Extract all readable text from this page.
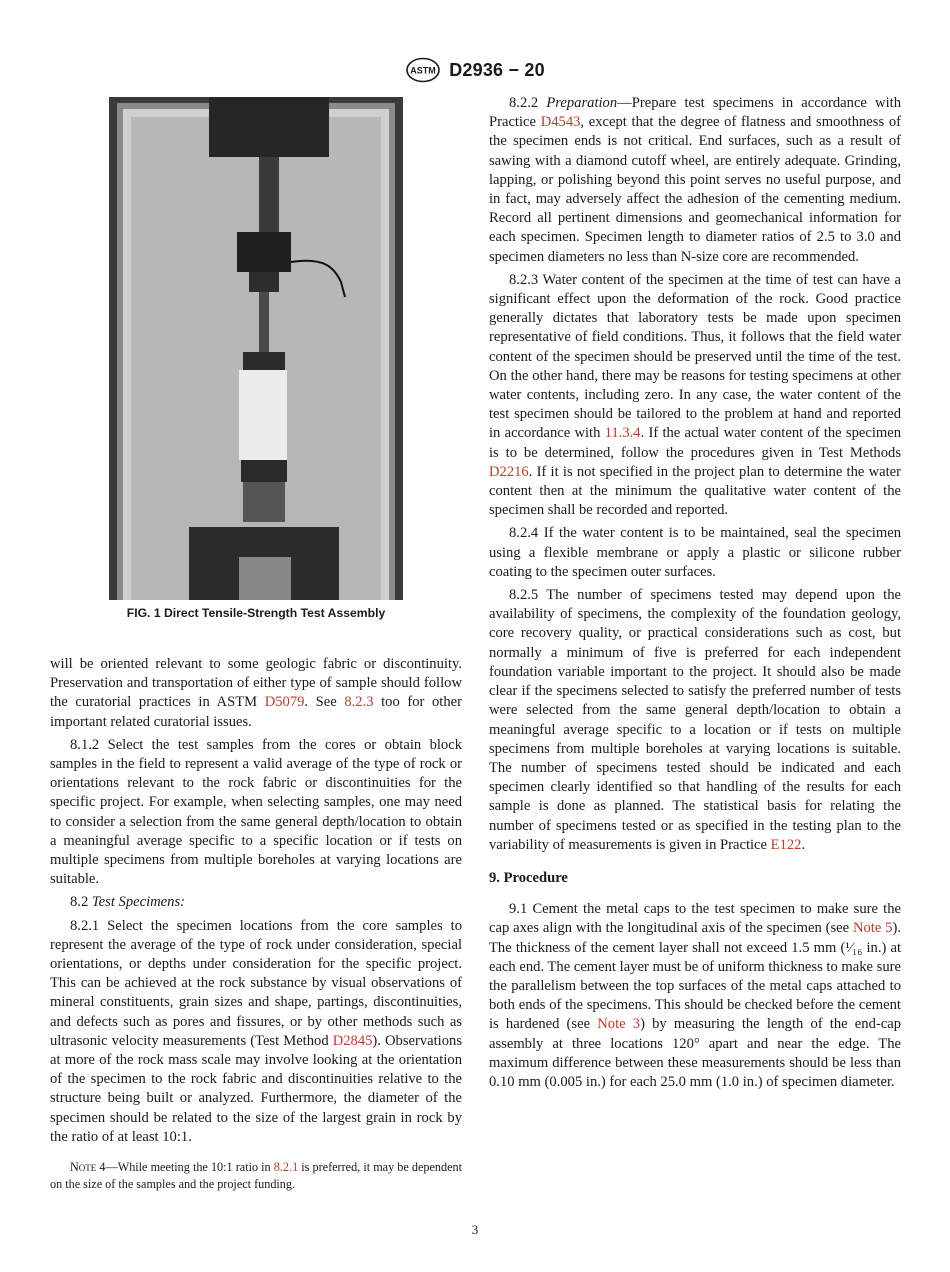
ASTM D2936 − 20
FIG. 1 Direct Tensile-Strength Test Assembly

will be oriented relevant to some geologic fabric or discontinuity. Preservation and transportation of either type of sample should follow the curatorial practices in ASTM D5079. See 8.2.3 too for other important related curatorial issues.

8.1.2 Select the test samples from the cores or obtain block samples in the field to represent a valid average of the type of rock or orientations relevant to the rock fabric or discontinuities for the specific project. For example, when selecting samples, one may need to consider a selection from the same general depth/location to obtain a meaningful average specific to a specific location or if tests on multiple specimens from multiple boreholes at varying locations are suitable.

8.2 Test Specimens:

8.2.1 Select the specimen locations from the core samples to represent the average of the type of rock under consideration, special orientations, or depths under consideration for the specific project. This can be achieved at the rock substance by visual observations of mineral constituents, grain sizes and shape, partings, discontinuities, and defects such as pores and fissures, or by other methods such as ultrasonic velocity measurements (Test Method D2845). Observations at more of the rock mass scale may involve looking at the orientation of the specimen to the rock fabric and discontinuities relative to the structure being built or analyzed. Furthermore, the diameter of the specimen should be related to the size of the largest grain in rock by the ratio of at least 10:1.

Note 4—While meeting the 10:1 ratio in 8.2.1 is preferred, it may be dependent on the size of the samples and the project funding.

8.2.2 Preparation—Prepare test specimens in accordance with Practice D4543, except that the degree of flatness and smoothness of the specimen ends is not critical. End surfaces, such as a result of sawing with a diamond cutoff wheel, are entirely adequate. Grinding, lapping, or polishing beyond this point serves no useful purpose, and in fact, may adversely affect the adhesion of the cementing medium. Record all pertinent dimensions and geomechanical information for each specimen. Specimen length to diameter ratios of 2.5 to 3.0 and specimen diameters no less than N-size core are recommended.

8.2.3 Water content of the specimen at the time of test can have a significant effect upon the deformation of the rock. Good practice generally dictates that laboratory tests be made upon specimen representative of field conditions. Thus, it follows that the field water content of the specimen should be preserved until the time of the test. On the other hand, there may be reasons for testing specimens at other water contents, including zero. In any case, the water content of the test specimen should be tailored to the problem at hand and reported in accordance with 11.3.4. If the actual water content of the specimen is to be determined, follow the procedures given in Test Methods D2216. If it is not specified in the project plan to determine the water content then at the minimum the qualitative water content of the specimen shall be recorded and reported.

8.2.4 If the water content is to be maintained, seal the specimen using a flexible membrane or apply a plastic or silicone rubber coating to the specimen outer surfaces.

8.2.5 The number of specimens tested may depend upon the availability of specimens, the complexity of the foundation geology, core recovery quality, or practical considerations such as cost, but normally a minimum of five is preferred for each independent foundation variable important to the project. It should also be made clear if the specimens selected to satisfy the preferred number of tests were selected from the same general depth/location to obtain a meaningful average specific to a location or if tests on multiple specimens from multiple boreholes at varying locations is suitable. The number of specimens tested should be indicated and each specimen clearly identified so that handling of the results for each sample is done as planned. The statistical basis for relating the number of specimens tested or as specified in the testing plan to the variability of measurements is given in Practice E122.

9. Procedure

9.1 Cement the metal caps to the test specimen to make sure the cap axes align with the longitudinal axis of the specimen (see Note 5). The thickness of the cement layer shall not exceed 1.5 mm (¹⁄₁₆ in.) at each end. The cement layer must be of uniform thickness to make sure the parallelism between the top surfaces of the metal caps attached to both ends of the specimens. This should be checked before the cement is hardened (see Note 3) by measuring the length of the end-cap assembly at three locations 120° apart and near the edge. The maximum difference between these measurements should be less than 0.10 mm (0.005 in.) for each 25.0 mm (1.0 in.) of specimen diameter.

3
